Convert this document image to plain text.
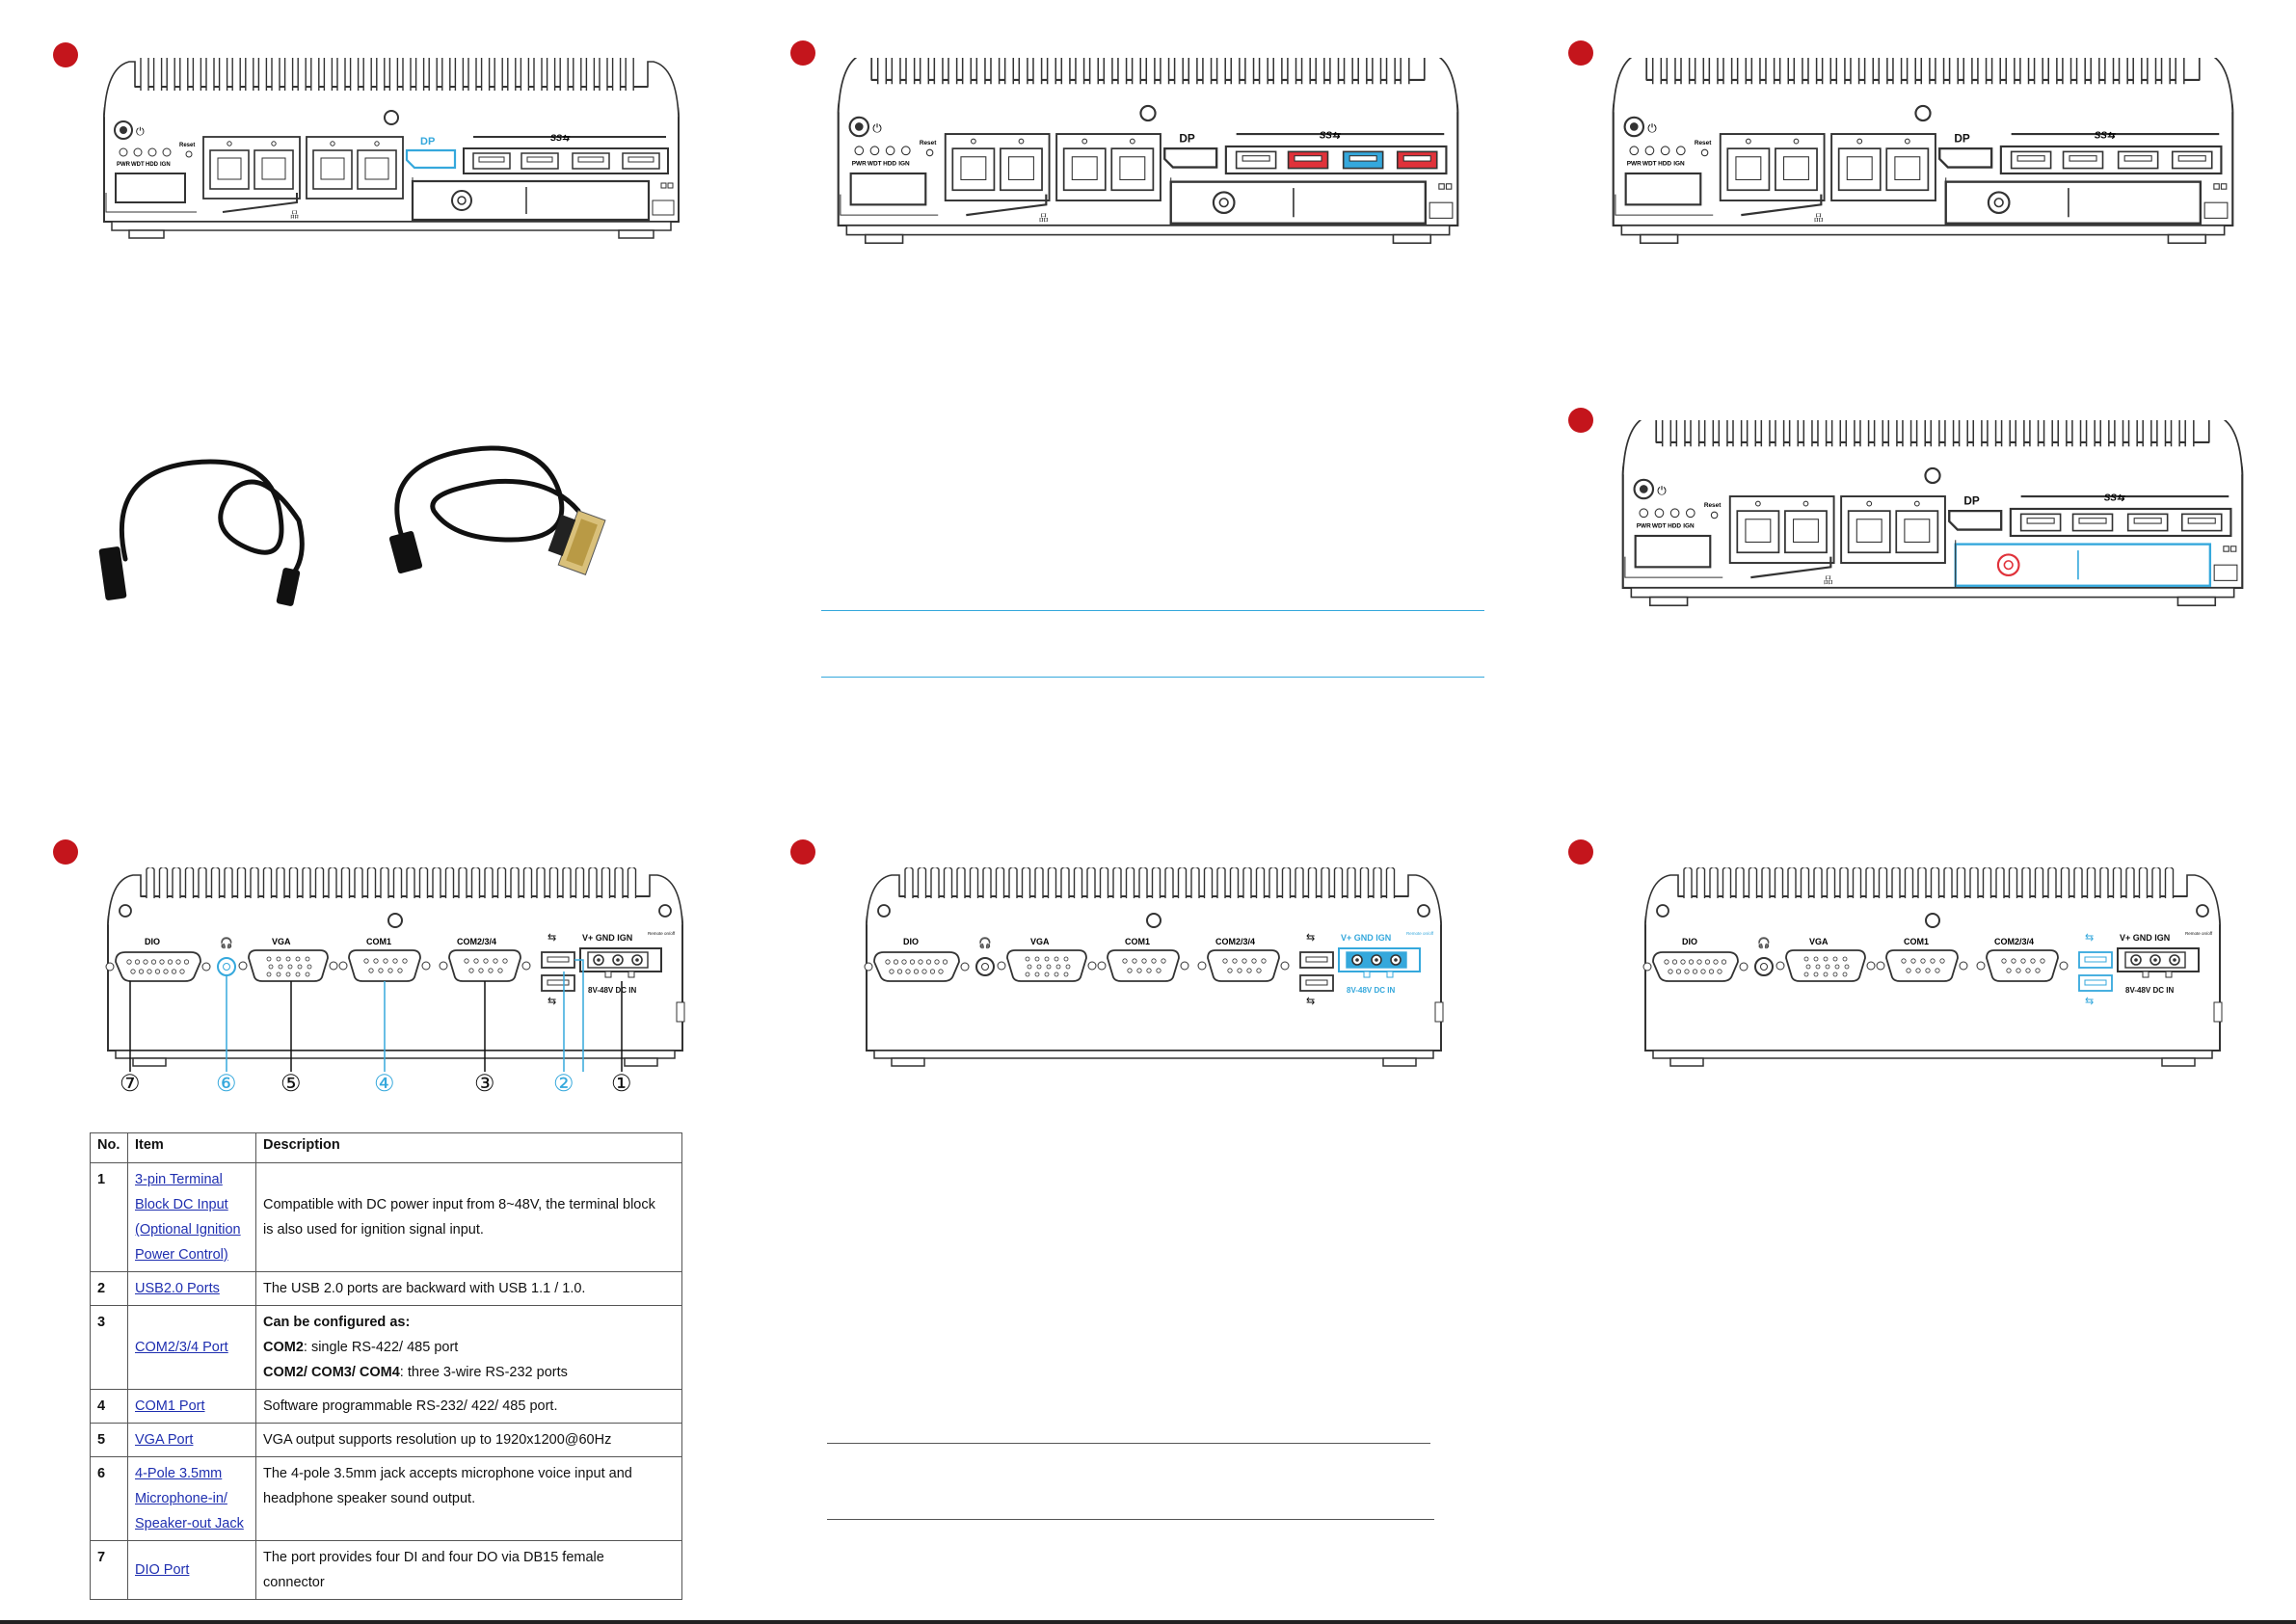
⏻
Reset
PWR WDT HDD IGN
品
DP	SS⇆
⏻
Reset
PWR WDT HDD IGN
品
DP	SS⇆
⏻
Reset
PWR WDT HDD IGN
品
DP	SS⇆
⏻
Reset
PWR WDT HDD IGN
品
DP	SS⇆
DIO	🎧	VGA	COM1	COM2/3/4	⇆
⇆
V+ GND IGN	Remote on/off
8V-48V DC IN
⑦	⑥ ⑤	④	③	② ①
DIO	🎧	VGA	COM1	COM2/3/4	⇆
⇆
V+ GND IGN	Remote on/off
8V-48V DC IN
DIO	🎧	VGA	COM1	COM2/3/4	⇆
⇆
V+ GND IGN	Remote on/off
8V-48V DC IN
No.	Item	Description
1	3-pin Terminal
Block DC Input
(Optional Ignition
Power Control)	Compatible with DC power input from 8~48V, the terminal block
is also used for ignition signal input.
2	USB2.0 Ports	The USB 2.0 ports are backward with USB 1.1 / 1.0.
3	COM2/3/4 Port	Can be configured as:
COM2: single RS-422/ 485 port
COM2/ COM3/ COM4: three 3-wire RS-232 ports
4	COM1 Port	Software programmable RS-232/ 422/ 485 port.
5	VGA Port	VGA output supports resolution up to 1920x1200@60Hz
6	4-Pole 3.5mm
Microphone-in/
Speaker-out Jack	The 4-pole 3.5mm jack accepts microphone voice input and
headphone speaker sound output.
7	DIO Port	The port provides four DI and four DO via DB15 female
connector
